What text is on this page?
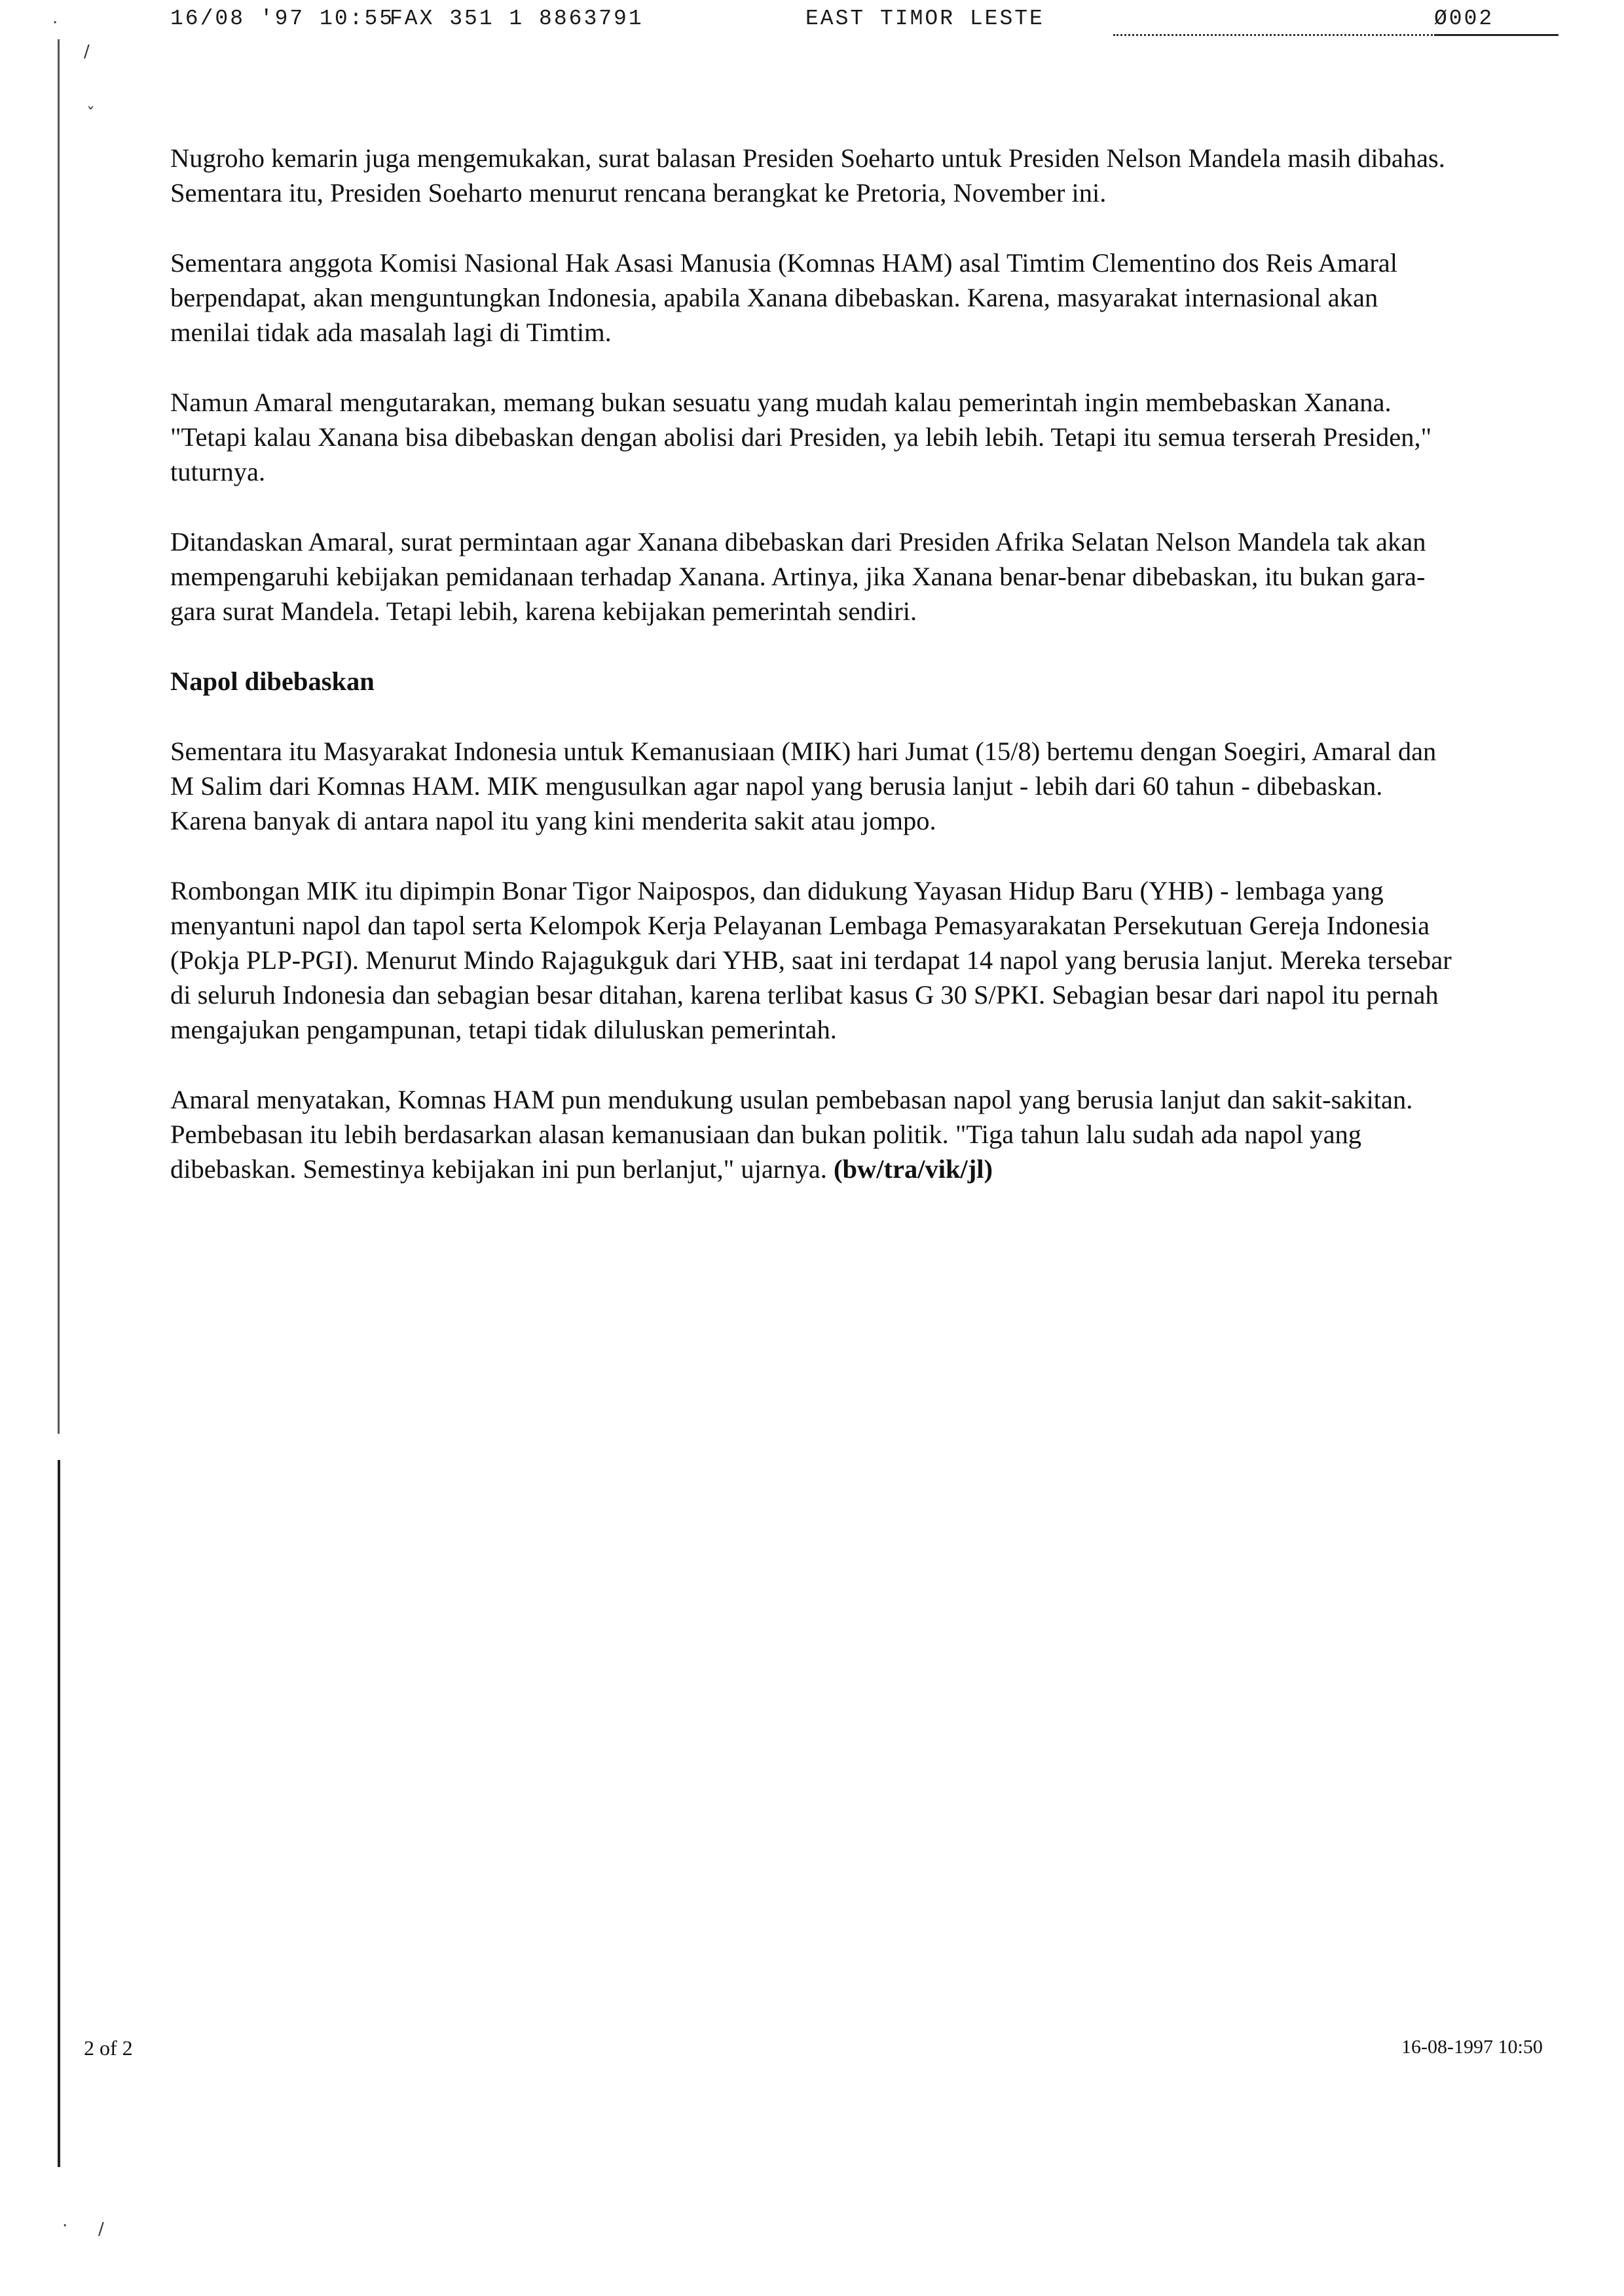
16/08 '97 10:55
FAX 351 1 8863791	EAST TIMOR LESTE	Ø002
/
ˇ
·
/
·

Nugroho kemarin juga mengemukakan, surat balasan Presiden Soeharto untuk Presiden Nelson Mandela masih dibahas. Sementara itu, Presiden Soeharto menurut rencana berangkat ke Pretoria, November ini.

Sementara anggota Komisi Nasional Hak Asasi Manusia (Komnas HAM) asal Timtim Clementino dos Reis Amaral berpendapat, akan menguntungkan Indonesia, apabila Xanana dibebaskan. Karena, masyarakat internasional akan menilai tidak ada masalah lagi di Timtim.

Namun Amaral mengutarakan, memang bukan sesuatu yang mudah kalau pemerintah ingin membebaskan Xanana. "Tetapi kalau Xanana bisa dibebaskan dengan abolisi dari Presiden, ya lebih lebih. Tetapi itu semua terserah Presiden," tuturnya.

Ditandaskan Amaral, surat permintaan agar Xanana dibebaskan dari Presiden Afrika Selatan Nelson Mandela tak akan mempengaruhi kebijakan pemidanaan terhadap Xanana. Artinya, jika Xanana benar-benar dibebaskan, itu bukan gara-gara surat Mandela. Tetapi lebih, karena kebijakan pemerintah sendiri.

Napol dibebaskan

Sementara itu Masyarakat Indonesia untuk Kemanusiaan (MIK) hari Jumat (15/8) bertemu dengan Soegiri, Amaral dan M Salim dari Komnas HAM. MIK mengusulkan agar napol yang berusia lanjut - lebih dari 60 tahun - dibebaskan. Karena banyak di antara napol itu yang kini menderita sakit atau jompo.

Rombongan MIK itu dipimpin Bonar Tigor Naipospos, dan didukung Yayasan Hidup Baru (YHB) - lembaga yang menyantuni napol dan tapol serta Kelompok Kerja Pelayanan Lembaga Pemasyarakatan Persekutuan Gereja Indonesia (Pokja PLP-PGI). Menurut Mindo Rajagukguk dari YHB, saat ini terdapat 14 napol yang berusia lanjut. Mereka tersebar di seluruh Indonesia dan sebagian besar ditahan, karena terlibat kasus G 30 S/PKI. Sebagian besar dari napol itu pernah mengajukan pengampunan, tetapi tidak diluluskan pemerintah.

Amaral menyatakan, Komnas HAM pun mendukung usulan pembebasan napol yang berusia lanjut dan sakit-sakitan. Pembebasan itu lebih berdasarkan alasan kemanusiaan dan bukan politik. "Tiga tahun lalu sudah ada napol yang dibebaskan. Semestinya kebijakan ini pun berlanjut," ujarnya. (bw/tra/vik/jl)

2 of 2	16-08-1997 10:50
